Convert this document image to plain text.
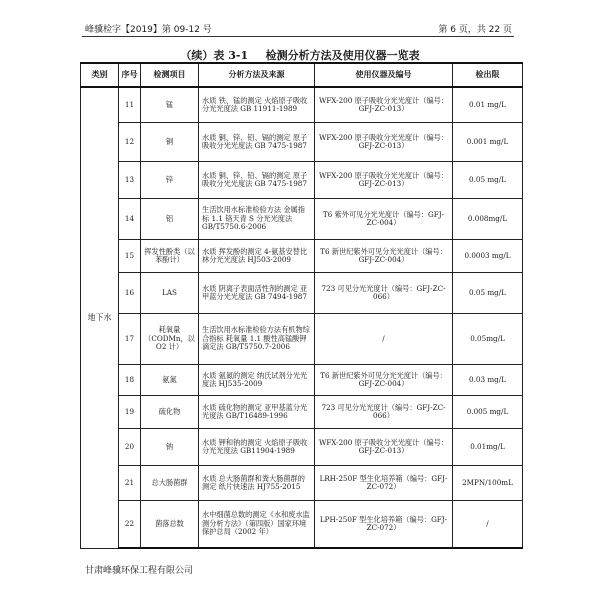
峰骥检字【2019】第 09-12 号	第 6 页，共 22 页
（续）表 3-1 检测分析方法及使用仪器一览表
类别	序号	检测项目	分析方法及来源	使用仪器及编号	检出限
地下水	11	锰	水质 铁、锰的测定 火焰原子吸收分光光度法 GB 11911-1989	WFX-200 原子吸收分光光度计（编号：GFJ-ZC-013）	0.01 mg/L
	12	铜	水质 铜、锌、铅、镉的测定 原子吸收分光光度法 GB 7475-1987	WFX-200 原子吸收分光光度计（编号：GFJ-ZC-013）	0.001 mg/L
	13	锌	水质 铜、锌、铅、镉的测定 原子吸收分光光度法 GB 7475-1987	WFX-200 原子吸收分光光度计（编号：GFJ-ZC-013）	0.05 mg/L
	14	铝	生活饮用水标准检验方法 金属指标 1.1 铬天青 S 分光光度法 GB/T5750.6-2006	T6 紫外可见分光光度计（编号：GFJ-ZC-004）	0.008mg/L
	15	挥发性酚类（以苯酚计）	水质 挥发酚的测定 4-氨基安替比林分光光度法 HJ503-2009	T6 新世纪紫外可见分光光度计（编号：GFJ-ZC-004）	0.0003 mg/L
	16	LAS	水质 阴离子表面活性剂的测定 亚甲蓝分光光度法 GB 7494-1987	723 可见分光光度计（编号：GFJ-ZC-066）	0.05 mg/L
	17	耗氧量（CODMn，以 O2 计）	生活饮用水标准检验方法有机物综合指标 耗氧量 1.1 酸性高锰酸钾滴定法 GB/T5750.7-2006	/	0.05mg/L
	18	氨氮	水质 氨氮的测定 纳氏试剂分光光度法 HJ535-2009	T6 新世纪紫外可见分光光度计（编号：GFJ-ZC-004）	0.03 mg/L
	19	硫化物	水质 硫化物的测定 亚甲基蓝分光光度法 GB/T16489-1996	723 可见分光光度计（编号：GFJ-ZC-066）	0.005 mg/L
	20	钠	水质 钾和钠的测定 火焰原子吸收分光光度法 GB11904-1989	WFX-200 原子吸收分光光度计（编号：GFJ-ZC-013）	0.01mg/L
	21	总大肠菌群	水质 总大肠菌群和粪大肠菌群的测定 纸片快速法 HJ755-2015	LRH-250F 型生化培养箱（编号：GFJ-ZC-072）	2MPN/100mL
	22	菌落总数	水中细菌总数的测定《水和废水监测分析方法》（第四版）国家环境保护总局（2002 年）	LPH-250F 型生化培养箱（编号：GFJ-ZC-072）	/
甘肃峰骥环保工程有限公司
